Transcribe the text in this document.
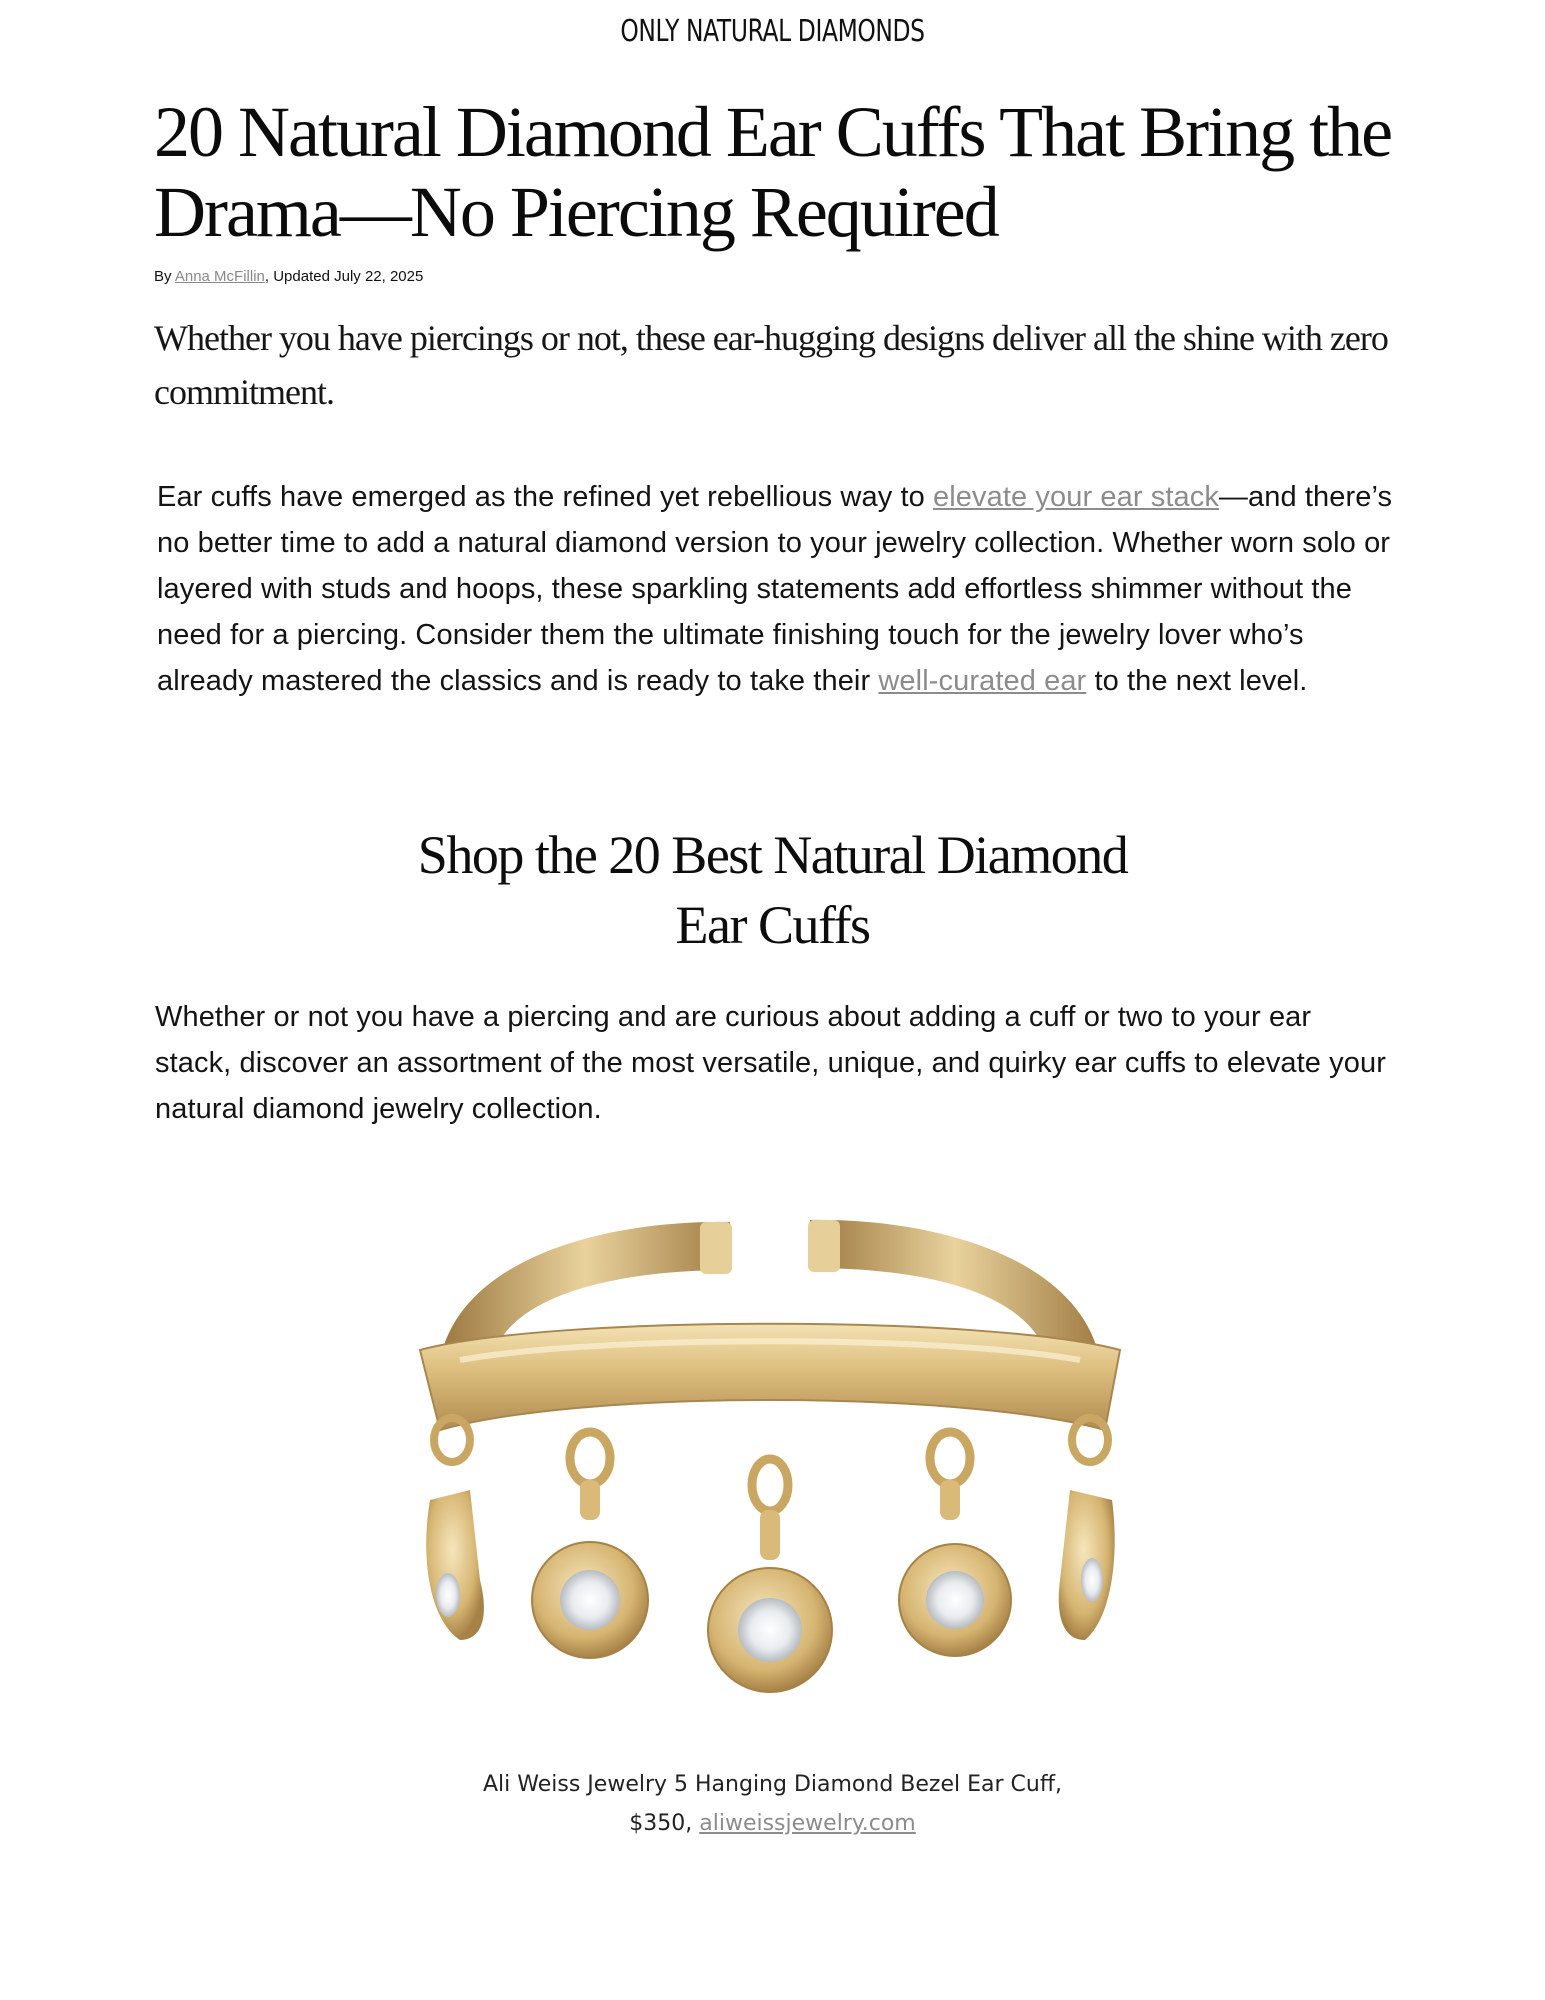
ONLY NATURAL DIAMONDS
20 Natural Diamond Ear Cuffs That Bring the
Drama—No Piercing Required
By Anna McFillin, Updated July 22, 2025
Whether you have piercings or not, these ear-hugging designs deliver all the shine with zero commitment.
Ear cuffs have emerged as the refined yet rebellious way to elevate your ear stack—and there’s no better time to add a natural diamond version to your jewelry collection. Whether worn solo or layered with studs and hoops, these sparkling statements add effortless shimmer without the need for a piercing. Consider them the ultimate finishing touch for the jewelry lover who’s already mastered the classics and is ready to take their well-curated ear to the next level.
Shop the 20 Best Natural Diamond
Ear Cuffs
Whether or not you have a piercing and are curious about adding a cuff or two to your ear stack, discover an assortment of the most versatile, unique, and quirky ear cuffs to elevate your natural diamond jewelry collection.
Ali Weiss Jewelry 5 Hanging Diamond Bezel Ear Cuff,
$350, aliweissjewelry.com
